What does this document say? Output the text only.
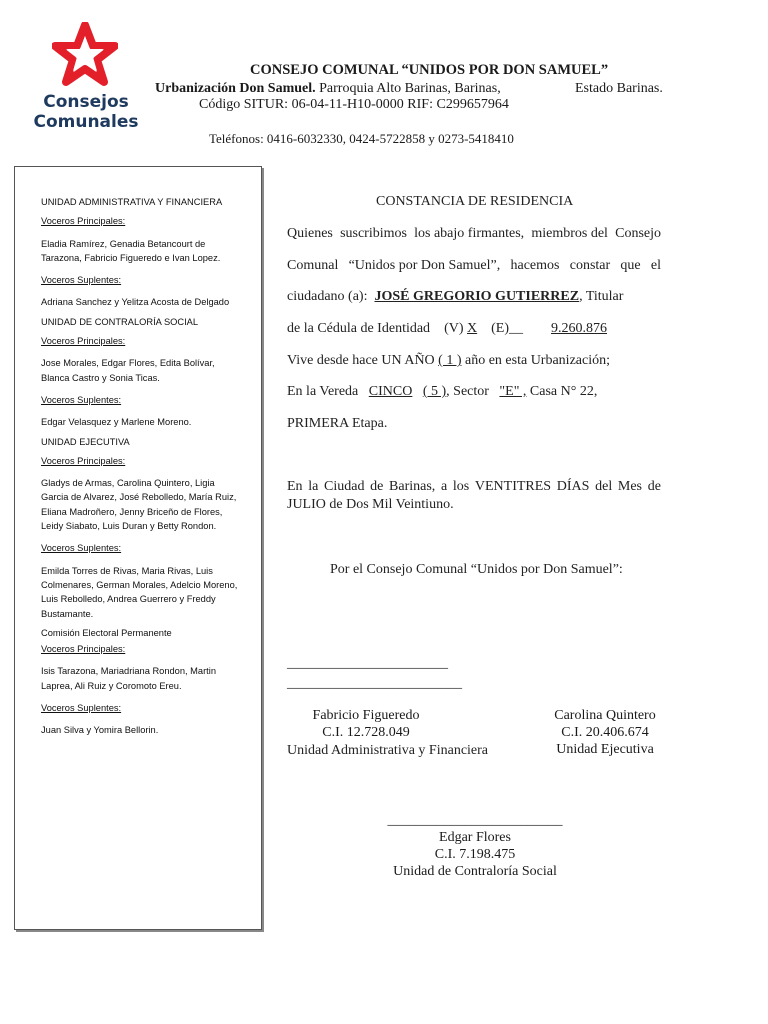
Consejos
Comunales
CONSEJO COMUNAL “UNIDOS POR DON SAMUEL”
Urbanización Don Samuel. Parroquia Alto Barinas, Barinas,	Estado Barinas.
Código SITUR: 06-04-11-H10-0000 RIF: C299657964
Teléfonos: 0416-6032330, 0424-5722858 y 0273-5418410

UNIDAD ADMINISTRATIVA Y FINANCIERA

Voceros Principales:

Eladia Ramírez, Genadia Betancourt de Tarazona, Fabricio Figueredo e Ivan Lopez.

Voceros Suplentes:

Adriana Sanchez y Yelitza Acosta de Delgado

UNIDAD DE CONTRALORÍA SOCIAL

Voceros Principales:

Jose Morales, Edgar Flores, Edita Bolívar, Blanca Castro y Sonia Ticas.

Voceros Suplentes:

Edgar Velasquez y Marlene Moreno.

UNIDAD EJECUTIVA

Voceros Principales:

Gladys de Armas, Carolina Quintero, Ligia Garcia de Alvarez, José Rebolledo, María Ruiz, Eliana Madroñero, Jenny Briceño de Flores, Leidy Siabato, Luis Duran y Betty Rondon.

Voceros Suplentes:

Emilda Torres de Rivas, Maria Rivas, Luis Colmenares, German Morales, Adelcio Moreno, Luis Rebolledo, Andrea Guerrero y Freddy Bustamante.

Comisión Electoral Permanente

Voceros Principales:

Isis Tarazona, Mariadriana Rondon, Martin Laprea, Ali Ruiz y Coromoto Ereu.

Voceros Suplentes:

Juan Silva y Yomira Bellorin.

CONSTANCIA DE RESIDENCIA
Quienes suscribimos los abajo firmantes, miembros del Consejo
Comunal “Unidos por Don Samuel”, hacemos constar que el
ciudadano (a): JOSÉ GREGORIO GUTIERREZ, Titular
de la Cédula de Identidad (V) X (E)__ 9.260.876
Vive desde hace UN AÑO ( 1 ) año en esta Urbanización;
En la Vereda CINCO ( 5 ), Sector "E" , Casa N° 22,
PRIMERA Etapa.
En la Ciudad de Barinas, a los VENTITRES DÍAS del Mes de
JULIO de Dos Mil Veintiuno.
Por el Consejo Comunal “Unidos por Don Samuel”:
_______________________
_________________________
Fabricio Figueredo
C.I. 12.728.049
Unidad Administrativa y Financiera
Carolina Quintero
C.I. 20.406.674
Unidad Ejecutiva
_________________________
Edgar Flores
C.I. 7.198.475
Unidad de Contraloría Social
